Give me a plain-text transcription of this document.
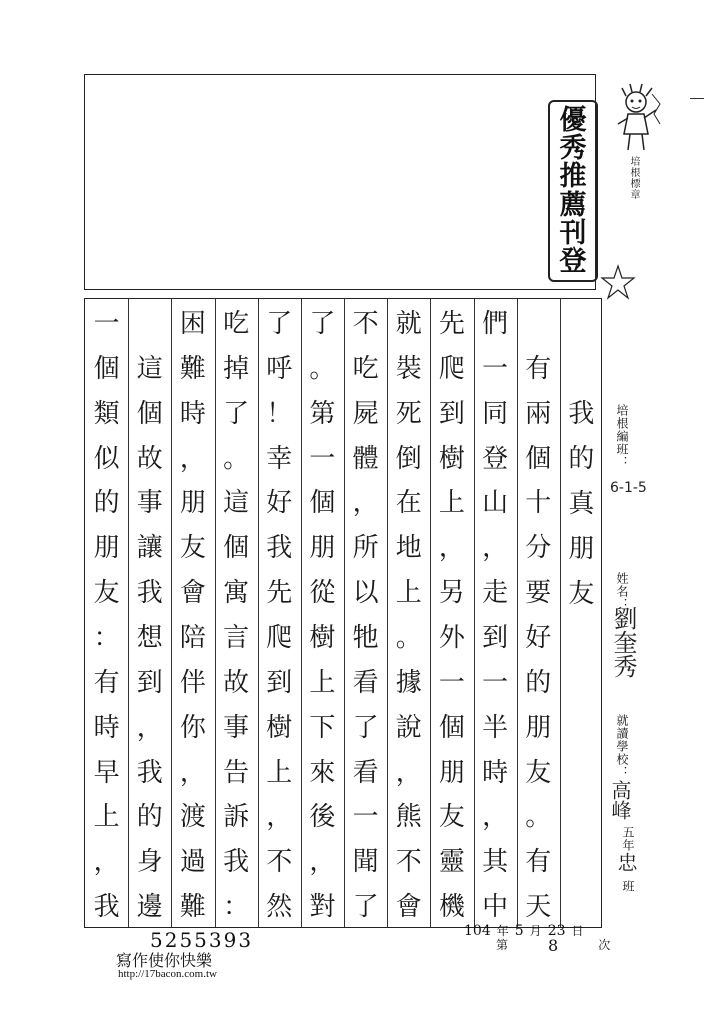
優
秀
推
薦
刊
登
培根標章
我
的
真
朋
友
有
兩
個
十
分
要
好
的
朋
友
。
有
天
們
一
同
登
山
，
走
到
一
半
時
，
其
中
先
爬
到
樹
上
，
另
外
一
個
朋
友
靈
機
就
裝
死
倒
在
地
上
。
據
說
，
熊
不
會
不
吃
屍
體
，
所
以
牠
看
了
看
一
聞
了
了
。
第
一
個
朋
從
樹
上
下
來
後
，
對
了
呼
！
幸
好
我
先
爬
到
樹
上
，
不
然
吃
掉
了
。
這
個
寓
言
故
事
告
訴
我
：
困
難
時
，
朋
友
會
陪
伴
你
，
渡
過
難
這
個
故
事
讓
我
想
到
，
我
的
身
邊
一
個
類
似
的
朋
友
：
有
時
早
上
，
我
培根編班：
6-1-5
姓名：
劉奎秀
就讀學校：
高峰
五年
忠
班
5255393
寫作使你快樂
http://17bacon.com.tw
104 年 5 月 23 日
第	8	次
